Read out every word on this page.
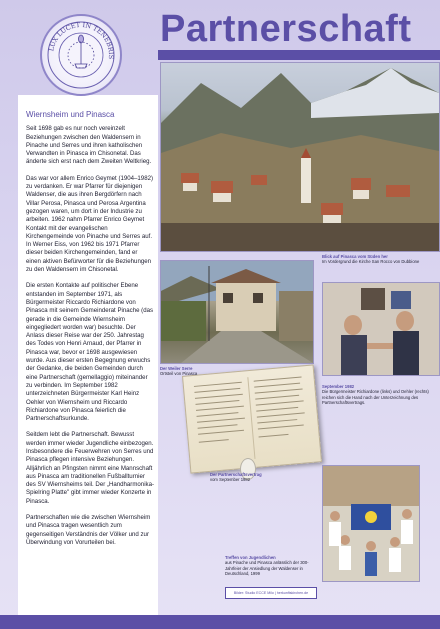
LUX LUCET IN TENEBRIS
Partnerschaft
Wiernsheim und Pinasca

Seit 1698 gab es nur noch vereinzelt Beziehungen zwischen den Waldensern in Pinache und Serres und ihren katholischen Verwandten in Pinasca im Chisonetal. Das änderte sich erst nach dem Zweiten Weltkrieg.

Das war vor allem Enrico Geymet (1904–1982) zu verdanken. Er war Pfarrer für diejenigen Waldenser, die aus ihren Bergdörfern nach Villar Perosa, Pinasca und Perosa Argentina gezogen waren, um dort in der Industrie zu arbeiten. 1962 nahm Pfarrer Enrico Geymet Kontakt mit der evangelischen Kirchengemeinde von Pinache und Serres auf. In Werner Eiss, von 1962 bis 1971 Pfarrer dieser beiden Kirchengemeinden, fand er einen aktiven Befürworter für die Beziehungen zu den Waldensern im Chisonetal.

Die ersten Kontakte auf politischer Ebene entstanden im September 1971, als Bürgermeister Riccardo Richiardone von Pinasca mit seinem Gemeinderat Pinache (das gerade in die Gemeinde Wiernsheim eingegliedert worden war) besuchte. Der Anlass dieser Reise war der 250. Jahrestag des Todes von Henri Arnaud, der Pfarrer in Pinasca war, bevor er 1698 ausgewiesen wurde. Aus dieser ersten Begegnung erwuchs der Gedanke, die beiden Gemeinden durch eine Partnerschaft (gemellaggio) miteinander zu verbinden. Im September 1982 unterzeichneten Bürgermeister Karl Heinz Oehler von Wiernsheim und Riccardo Richiardone von Pinasca feierlich die Partnerschaftsurkunde.

Seitdem lebt die Partnerschaft. Bewusst werden immer wieder Jugendliche einbezogen. Insbesondere die Feuerwehren von Serres und Pinasca pflegen intensive Beziehungen. Alljährlich an Pfingsten nimmt eine Mannschaft aus Pinasca am traditionellen Fußballturnier des SV Wiernsheims teil. Der „Handharmonika-Spielring Platte" gibt immer wieder Konzerte in Pinasca.

Partnerschaften wie die zwischen Wiernsheim und Pinasca tragen wesentlich zum gegenseitigen Verständnis der Völker und zur Überwindung von Vorurteilen bei.

Blick auf Pinasca vom Süden her
Im Vordergrund die Kirche San Rocco von Dubbione
Der Weiler Serre
Ortsteil von Pinasca
September 1982
Die Bürgermeister Richiardone (links) und Oehler (rechts) reichen sich die Hand nach der Unterzeichnung des Partnerschaftsvertrags.
Der Partnerschaftsvertrag
vom September 1982
Treffen von Jugendlichen
aus Pinache und Pinasca anlässlich der 300-Jahrfeier der Ansiedlung der Waldenser in Deutschland, 1999
Bilder: Studio ECCE Milo | herkunftskirchen.de
